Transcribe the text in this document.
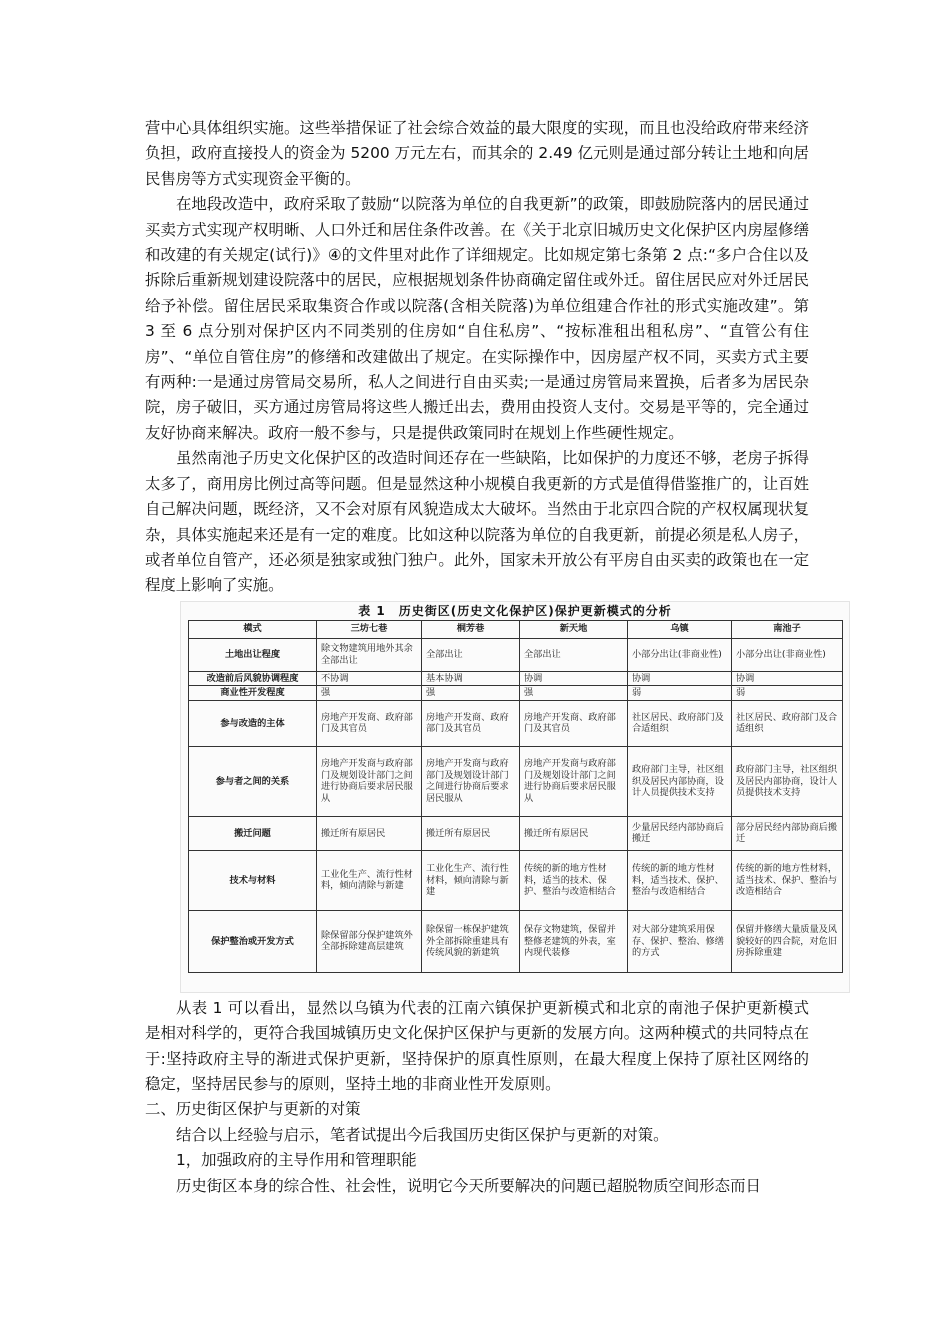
营中心具体组织实施。这些举措保证了社会综合效益的最大限度的实现，而且也没给政府带来经济负担，政府直接投人的资金为 5200 万元左右，而其余的 2.49 亿元则是通过部分转让土地和向居民售房等方式实现资金平衡的。

在地段改造中，政府采取了鼓励“以院落为单位的自我更新”的政策，即鼓励院落内的居民通过买卖方式实现产权明晰、人口外迁和居住条件改善。在《关于北京旧城历史文化保护区内房屋修缮和改建的有关规定(试行)》④的文件里对此作了详细规定。比如规定第七条第 2 点:“多户合住以及拆除后重新规划建设院落中的居民，应根据规划条件协商确定留住或外迁。留住居民应对外迁居民给予补偿。留住居民采取集资合作或以院落(含相关院落)为单位组建合作社的形式实施改建”。第 3 至 6 点分别对保护区内不同类别的住房如“自住私房”、“按标准租出租私房”、“直管公有住房”、“单位自管住房”的修缮和改建做出了规定。在实际操作中，因房屋产权不同，买卖方式主要有两种:一是通过房管局交易所，私人之间进行自由买卖;一是通过房管局来置换，后者多为居民杂院，房子破旧，买方通过房管局将这些人搬迁出去，费用由投资人支付。交易是平等的，完全通过友好协商来解决。政府一般不参与，只是提供政策同时在规划上作些硬性规定。

虽然南池子历史文化保护区的改造时间还存在一些缺陷，比如保护的力度还不够，老房子拆得太多了，商用房比例过高等问题。但是显然这种小规模自我更新的方式是值得借鉴推广的，让百姓自己解决问题，既经济，又不会对原有风貌造成太大破坏。当然由于北京四合院的产权权属现状复杂，具体实施起来还是有一定的难度。比如这种以院落为单位的自我更新，前提必须是私人房子，或者单位自管产，还必须是独家或独门独户。此外，国家未开放公有平房自由买卖的政策也在一定程度上影响了实施。

表 1　历史街区(历史文化保护区)保护更新模式的分析
模式	三坊七巷	桐芳巷	新天地	乌镇	南池子
土地出让程度	除文物建筑用地外其余全部出让	全部出让	全部出让	小部分出让(非商业性)	小部分出让(非商业性)
改造前后风貌协调程度	不协调	基本协调	协调	协调	协调
商业性开发程度	强	强	强	弱	弱
参与改造的主体	房地产开发商、政府部门及其官员	房地产开发商、政府部门及其官员	房地产开发商、政府部门及其官员	社区居民、政府部门及合适组织	社区居民、政府部门及合适组织
参与者之间的关系	房地产开发商与政府部门及规划设计部门之间进行协商后要求居民服从	房地产开发商与政府部门及规划设计部门之间进行协商后要求居民服从	房地产开发商与政府部门及规划设计部门之间进行协商后要求居民服从	政府部门主导，社区组织及居民内部协商，设计人员提供技术支持	政府部门主导，社区组织及居民内部协商，设计人员提供技术支持
搬迁问题	搬迁所有原居民	搬迁所有原居民	搬迁所有原居民	少量居民经内部协商后搬迁	部分居民经内部协商后搬迁
技术与材料	工业化生产、流行性材料，倾向清除与新建	工业化生产、流行性材料，倾向清除与新建	传统的新的地方性材料，适当的技术、保护、整治与改造相结合	传统的新的地方性材料，适当技术、保护、整治与改造相结合	传统的新的地方性材料，适当技术、保护、整治与改造相结合
保护整治或开发方式	除保留部分保护建筑外全部拆除建高层建筑	除保留一栋保护建筑外全部拆除重建具有传统风貌的新建筑	保存文物建筑，保留并整修老建筑的外表，室内现代装修	对大部分建筑采用保存、保护、整治、修缮的方式	保留并修缮大量质量及风貌较好的四合院，对危旧房拆除重建

从表 1 可以看出，显然以乌镇为代表的江南六镇保护更新模式和北京的南池子保护更新模式是相对科学的，更符合我国城镇历史文化保护区保护与更新的发展方向。这两种模式的共同特点在于:坚持政府主导的渐进式保护更新，坚持保护的原真性原则，在最大程度上保持了原社区网络的稳定，坚持居民参与的原则，坚持土地的非商业性开发原则。

二、历史街区保护与更新的对策

结合以上经验与启示，笔者试提出今后我国历史街区保护与更新的对策。

1，加强政府的主导作用和管理职能

历史街区本身的综合性、社会性，说明它今天所要解决的问题已超脱物质空间形态而日
